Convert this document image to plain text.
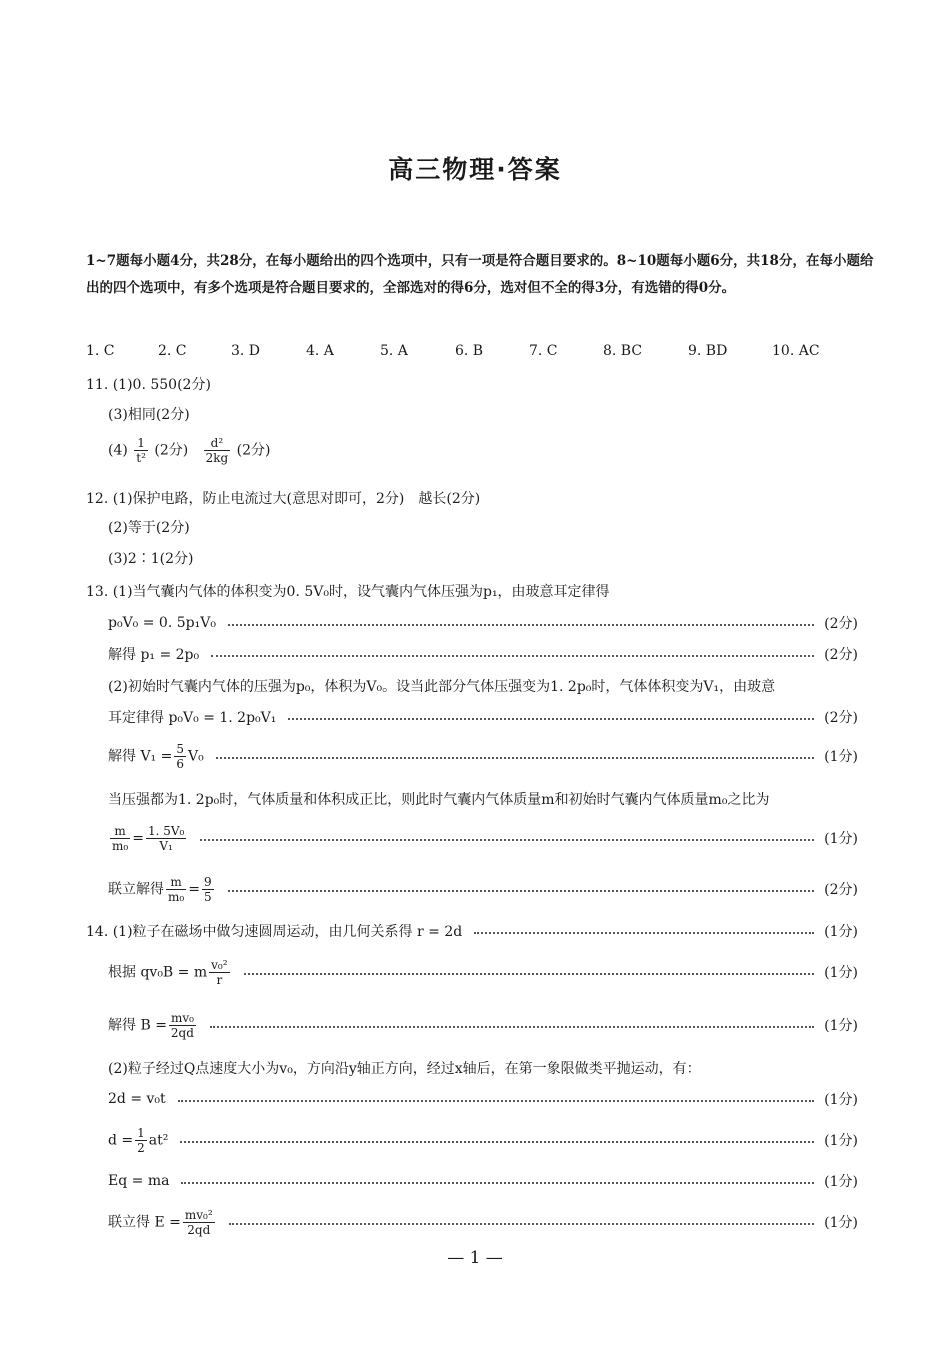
高三物理·答案
1~7题每小题4分，共28分，在每小题给出的四个选项中，只有一项是符合题目要求的。8~10题每小题6分，共18分，在每小题给出的四个选项中，有多个选项是符合题目要求的，全部选对的得6分，选对但不全的得3分，有选错的得0分。
1. C	2. C	3. D	4. A	5. A	6. B	7. C	8. BC	9. BD	10. AC
11. (1)0. 550(2分)
(3)相同(2分)
$(4) \frac{1}{\text{t²}} (2$分) $\frac{\text{d²}}{2kg} (2$分)
12. (1)保护电路，防止电流过大(意思对即可，2分)　越长(2分)
(2)等于(2分)
(3)2∶1(2分)
13. (1)当气囊内气体的体积变为0. 5V₀时，设气囊内气体压强为p₁，由玻意耳定律得
p₀V₀ = 0. 5p₁V₀	(2分)
解得 p₁ = 2p₀	(2分)
(2)初始时气囊内气体的压强为p₀，体积为V₀。设当此部分气体压强变为1. 2p₀时，气体体积变为V₁，由玻意
耳定律得 p₀V₀ = 1. 2p₀V₁	(2分)
解得 $V_1 = \frac{5}{6} V_0$	(1分)
当压强都为1. 2p₀时，气体质量和体积成正比，则此时气囊内气体质量m和初始时气囊内气体质量m₀之比为
$\frac{m}{\text{m₀}} = \frac{\text{1. 5V₀}}{\text{V₁}}$	(1分)
联立解得 $\frac{m}{\text{m₀}} = \frac{9}{5}$	(2分)
14. (1)粒子在磁场中做匀速圆周运动，由几何关系得 r = 2d	(1分)
根据 qv₀B = m $\frac{\text{v₀²}}{r}$	(1分)
解得 $B = \frac{\text{mv₀}}{2qd}$	(1分)
(2)粒子经过Q点速度大小为v₀，方向沿y轴正方向，经过x轴后，在第一象限做类平抛运动，有：
2d = v₀t	(1分)
$d = \frac{1}{2} at^2$	(1分)
Eq = ma	(1分)
联立得 $E = \frac{\text{mv₀²}}{2qd}$	(1分)
— 1 —
